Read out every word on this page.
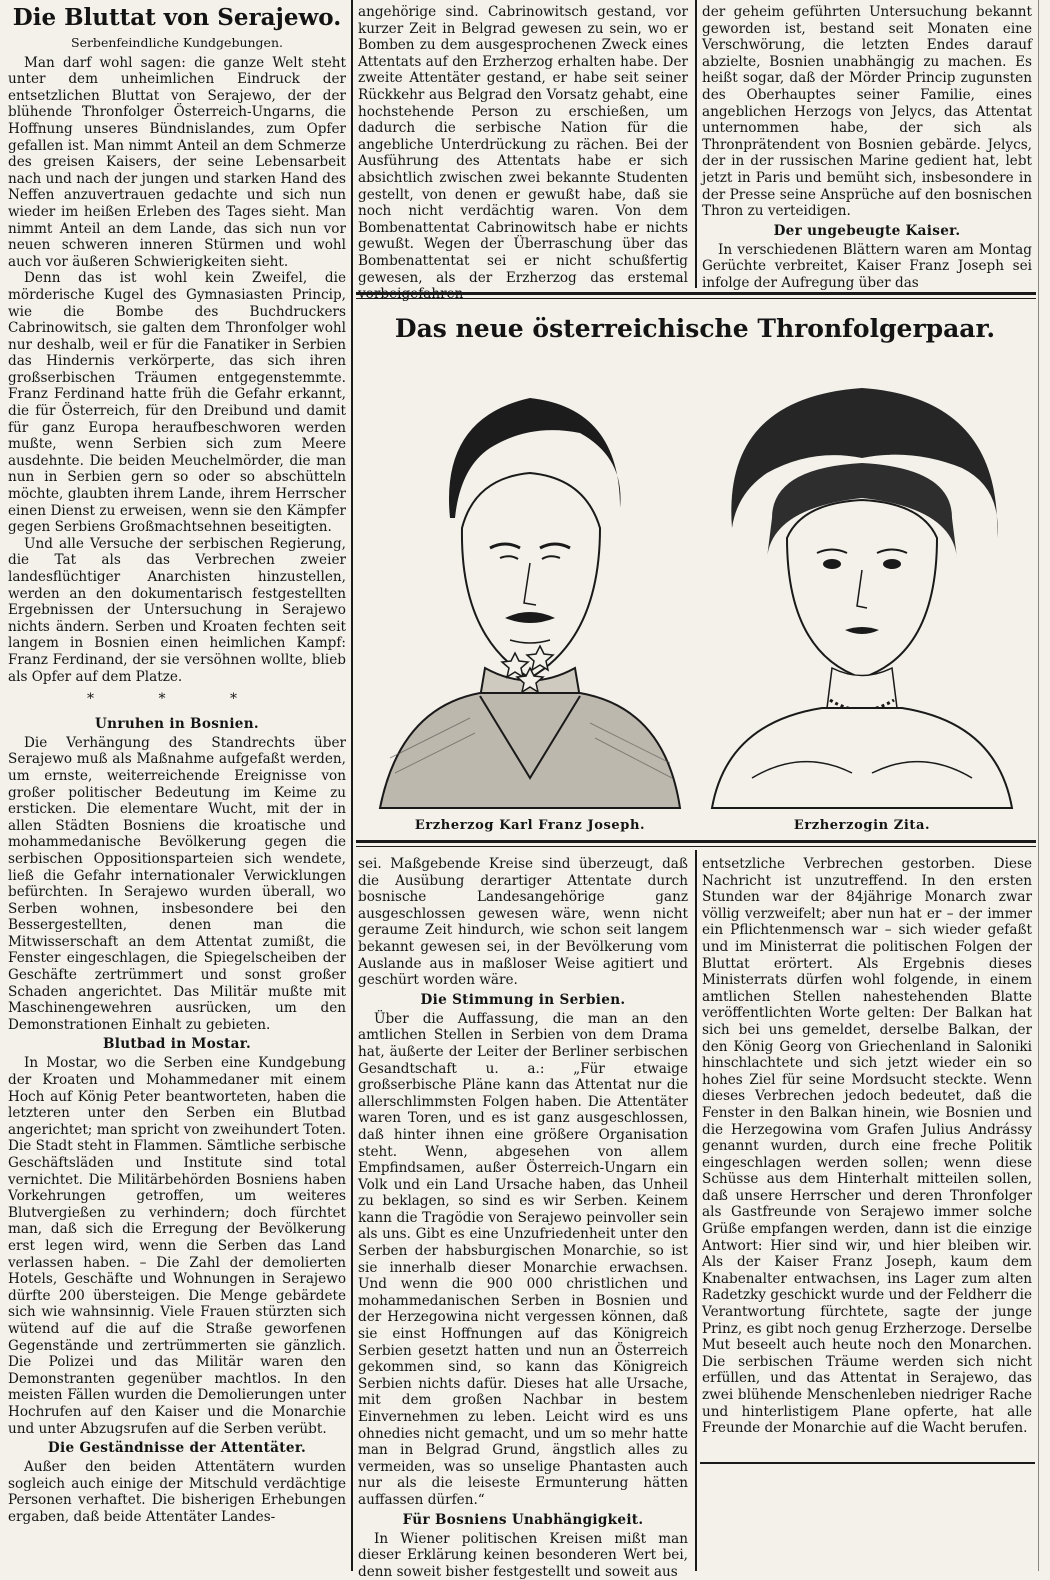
Die Bluttat von Serajewo.
Serbenfeindliche Kundgebungen.

Man darf wohl sagen: die ganze Welt steht unter dem unheimlichen Eindruck der entsetzlichen Bluttat von Serajewo, der der blühende Thronfolger Österreich-Ungarns, die Hoffnung unseres Bündnislandes, zum Opfer gefallen ist. Man nimmt Anteil an dem Schmerze des greisen Kaisers, der seine Lebensarbeit nach und nach der jungen und starken Hand des Neffen anzuvertrauen gedachte und sich nun wieder im heißen Erleben des Tages sieht. Man nimmt Anteil an dem Lande, das sich nun vor neuen schweren inneren Stürmen und wohl auch vor äußeren Schwierigkeiten sieht.

Denn das ist wohl kein Zweifel, die mörderische Kugel des Gymnasiasten Princip, wie die Bombe des Buchdruckers Cabrinowitsch, sie galten dem Thronfolger wohl nur deshalb, weil er für die Fanatiker in Serbien das Hindernis verkörperte, das sich ihren großserbischen Träumen entgegenstemmte. Franz Ferdinand hatte früh die Gefahr erkannt, die für Österreich, für den Dreibund und damit für ganz Europa heraufbeschworen werden mußte, wenn Serbien sich zum Meere ausdehnte. Die beiden Meuchelmörder, die man nun in Serbien gern so oder so abschütteln möchte, glaubten ihrem Lande, ihrem Herrscher einen Dienst zu erweisen, wenn sie den Kämpfer gegen Serbiens Großmachtsehnen beseitigten.

Und alle Versuche der serbischen Regierung, die Tat als das Verbrechen zweier landesflüchtiger Anarchisten hinzustellen, werden an den dokumentarisch festgestellten Ergebnissen der Untersuchung in Serajewo nichts ändern. Serben und Kroaten fechten seit langem in Bosnien einen heimlichen Kampf: Franz Ferdinand, der sie versöhnen wollte, blieb als Opfer auf dem Platze.

* * *
Unruhen in Bosnien.

Die Verhängung des Standrechts über Serajewo muß als Maßnahme aufgefaßt werden, um ernste, weiterreichende Ereignisse von großer politischer Bedeutung im Keime zu ersticken. Die elementare Wucht, mit der in allen Städten Bosniens die kroatische und mohammedanische Bevölkerung gegen die serbischen Oppositionsparteien sich wendete, ließ die Gefahr internationaler Verwicklungen befürchten. In Serajewo wurden überall, wo Serben wohnen, insbesondere bei den Bessergestellten, denen man die Mitwisserschaft an dem Attentat zumißt, die Fenster eingeschlagen, die Spiegelscheiben der Geschäfte zertrümmert und sonst großer Schaden angerichtet. Das Militär mußte mit Maschinengewehren ausrücken, um den Demonstrationen Einhalt zu gebieten.

Blutbad in Mostar.

In Mostar, wo die Serben eine Kundgebung der Kroaten und Mohammedaner mit einem Hoch auf König Peter beantworteten, haben die letzteren unter den Serben ein Blutbad angerichtet; man spricht von zweihundert Toten. Die Stadt steht in Flammen. Sämtliche serbische Geschäftsläden und Institute sind total vernichtet. Die Militärbehörden Bosniens haben Vorkehrungen getroffen, um weiteres Blutvergießen zu verhindern; doch fürchtet man, daß sich die Erregung der Bevölkerung erst legen wird, wenn die Serben das Land verlassen haben. – Die Zahl der demolierten Hotels, Geschäfte und Wohnungen in Serajewo dürfte 200 übersteigen. Die Menge gebärdete sich wie wahnsinnig. Viele Frauen stürzten sich wütend auf die auf die Straße geworfenen Gegenstände und zertrümmerten sie gänzlich. Die Polizei und das Militär waren den Demonstranten gegenüber machtlos. In den meisten Fällen wurden die Demolierungen unter Hochrufen auf den Kaiser und die Monarchie und unter Abzugsrufen auf die Serben verübt.

Die Geständnisse der Attentäter.

Außer den beiden Attentätern wurden sogleich auch einige der Mitschuld verdächtige Personen verhaftet. Die bisherigen Erhebungen ergaben, daß beide Attentäter Landes-

angehörige sind. Cabrinowitsch gestand, vor kurzer Zeit in Belgrad gewesen zu sein, wo er Bomben zu dem ausgesprochenen Zweck eines Attentats auf den Erzherzog erhalten habe. Der zweite Attentäter gestand, er habe seit seiner Rückkehr aus Belgrad den Vorsatz gehabt, eine hochstehende Person zu erschießen, um dadurch die serbische Nation für die angebliche Unterdrückung zu rächen. Bei der Ausführung des Attentats habe er sich absichtlich zwischen zwei bekannte Studenten gestellt, von denen er gewußt habe, daß sie noch nicht verdächtig waren. Von dem Bombenattentat Cabrinowitsch habe er nichts gewußt. Wegen der Überraschung über das Bombenattentat sei er nicht schußfertig gewesen, als der Erzherzog das erstemal

der geheim geführten Untersuchung bekannt geworden ist, bestand seit Monaten eine Verschwörung, die letzten Endes darauf abzielte, Bosnien unabhängig zu machen. Es heißt sogar, daß der Mörder Princip zugunsten des Oberhauptes seiner Familie, eines angeblichen Herzogs von Jelycs, das Attentat unternommen habe, der sich als Thronprätendent von Bosnien gebärde. Jelycs, der in der russischen Marine gedient hat, lebt jetzt in Paris und bemüht sich, insbesondere in der Presse seine Ansprüche auf den bosnischen Thron zu verteidigen.

Der ungebeugte Kaiser.

In verschiedenen Blättern waren am Montag Gerüchte verbreitet, Kaiser Franz Joseph sei infolge der Aufregung über das

Das neue österreichische Thronfolgerpaar.
Erzherzog Karl Franz Joseph.	Erzherzogin Zita.

sei. Maßgebende Kreise sind überzeugt, daß die Ausübung derartiger Attentate durch bosnische Landesangehörige ganz ausgeschlossen gewesen wäre, wenn nicht geraume Zeit hindurch, wie schon seit langem bekannt gewesen sei, in der Bevölkerung vom Auslande aus in maßloser Weise agitiert und geschürt worden wäre.

Die Stimmung in Serbien.

Über die Auffassung, die man an den amtlichen Stellen in Serbien von dem Drama hat, äußerte der Leiter der Berliner serbischen Gesandtschaft u. a.: „Für etwaige großserbische Pläne kann das Attentat nur die allerschlimmsten Folgen haben. Die Attentäter waren Toren, und es ist ganz ausgeschlossen, daß hinter ihnen eine größere Organisation steht. Wenn, abgesehen von allem Empfindsamen, außer Österreich-Ungarn ein Volk und ein Land Ursache haben, das Unheil zu beklagen, so sind es wir Serben. Keinem kann die Tragödie von Serajewo peinvoller sein als uns. Gibt es eine Unzufriedenheit unter den Serben der habsburgischen Monarchie, so ist sie innerhalb dieser Monarchie erwachsen. Und wenn die 900 000 christlichen und mohammedanischen Serben in Bosnien und der Herzegowina nicht vergessen können, daß sie einst Hoffnungen auf das Königreich Serbien gesetzt hatten und nun an Österreich gekommen sind, so kann das Königreich Serbien nichts dafür. Dieses hat alle Ursache, mit dem großen Nachbar in bestem Einvernehmen zu leben. Leicht wird es uns ohnedies nicht gemacht, und um so mehr hatte man in Belgrad Grund, ängstlich alles zu vermeiden, was so unselige Phantasten auch nur als die leiseste Ermunterung hätten auffassen dürfen.“

Für Bosniens Unabhängigkeit.

In Wiener politischen Kreisen mißt man dieser Erklärung keinen besonderen Wert bei, denn soweit bisher festgestellt und soweit aus

entsetzliche Verbrechen gestorben. Diese Nachricht ist unzutreffend. In den ersten Stunden war der 84jährige Monarch zwar völlig verzweifelt; aber nun hat er – der immer ein Pflichtenmensch war – sich wieder gefaßt und im Ministerrat die politischen Folgen der Bluttat erörtert. Als Ergebnis dieses Ministerrats dürfen wohl folgende, in einem amtlichen Stellen nahestehenden Blatte veröffentlichten Worte gelten: Der Balkan hat sich bei uns gemeldet, derselbe Balkan, der den König Georg von Griechenland in Saloniki hinschlachtete und sich jetzt wieder ein so hohes Ziel für seine Mordsucht steckte. Wenn dieses Verbrechen jedoch bedeutet, daß die Fenster in den Balkan hinein, wie Bosnien und die Herzegowina vom Grafen Julius Andrássy genannt wurden, durch eine freche Politik eingeschlagen werden sollen; wenn diese Schüsse aus dem Hinterhalt mitteilen sollen, daß unsere Herrscher und deren Thronfolger als Gastfreunde von Serajewo immer solche Grüße empfangen werden, dann ist die einzige Antwort: Hier sind wir, und hier bleiben wir. Als der Kaiser Franz Joseph, kaum dem Knabenalter entwachsen, ins Lager zum alten Radetzky geschickt wurde und der Feldherr die Verantwortung fürchtete, sagte der junge Prinz, es gibt noch genug Erzherzoge. Derselbe Mut beseelt auch heute noch den Monarchen. Die serbischen Träume werden sich nicht erfüllen, und das Attentat in Serajewo, das zwei blühende Menschenleben niedriger Rache und hinterlistigem Plane opferte, hat alle Freunde der Monarchie auf die Wacht berufen.
